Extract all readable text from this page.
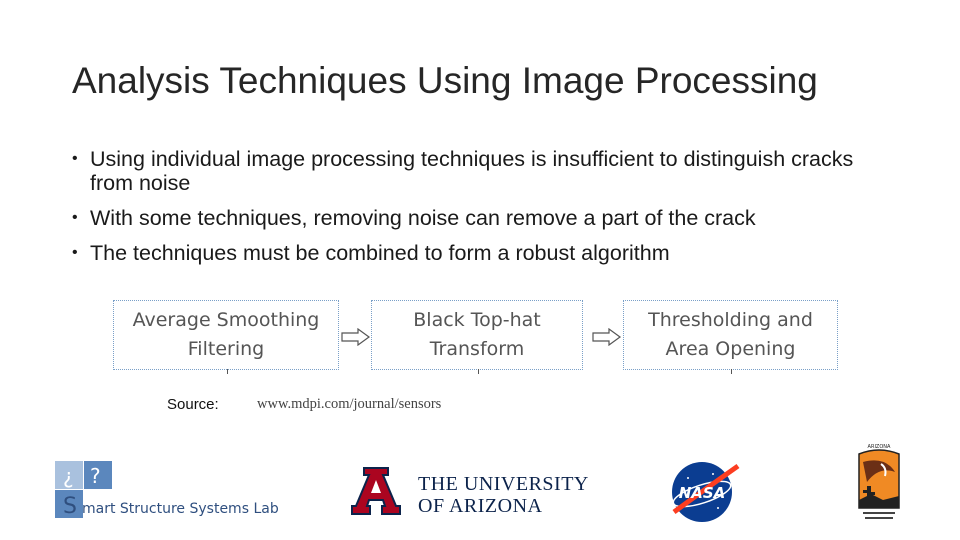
Analysis Techniques Using Image Processing
• Using individual image processing techniques is insufficient to distinguish cracks from noise
• With some techniques, removing noise can remove a part of the crack
• The techniques must be combined to form a robust algorithm
Average Smoothing
Filtering
Black Top-hat
Transform
Thresholding and
Area Opening
Source:	www.mdpi.com/journal/sensors
¿ ?
S mart Structure Systems Lab
THE UNIVERSITY
OF ARIZONA
NASA
ARIZONA
